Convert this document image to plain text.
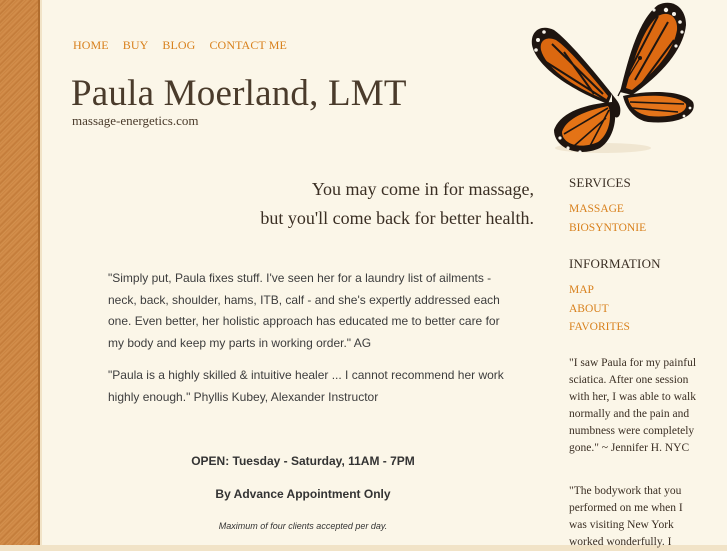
HOME BUY BLOG CONTACT ME
Paula Moerland, LMT
massage-energetics.com
You may come in for massage,
but you'll come back for better health.
"Simply put, Paula fixes stuff. I've seen her for a laundry list of ailments - neck, back, shoulder, hams, ITB, calf - and she's expertly addressed each one. Even better, her holistic approach has educated me to better care for my body and keep my parts in working order." AG
"Paula is a highly skilled & intuitive healer ... I cannot recommend her work highly enough." Phyllis Kubey, Alexander Instructor
OPEN: Tuesday - Saturday, 11AM - 7PM
By Advance Appointment Only
Maximum of four clients accepted per day.
SERVICES
MASSAGE
BIOSYNTONIE
INFORMATION
MAP
ABOUT
FAVORITES
"I saw Paula for my painful sciatica. After one session with her, I was able to walk normally and the pain and numbness were completely gone." ~ Jennifer H. NYC
"The bodywork that you performed on me when I was visiting New York worked wonderfully. I
